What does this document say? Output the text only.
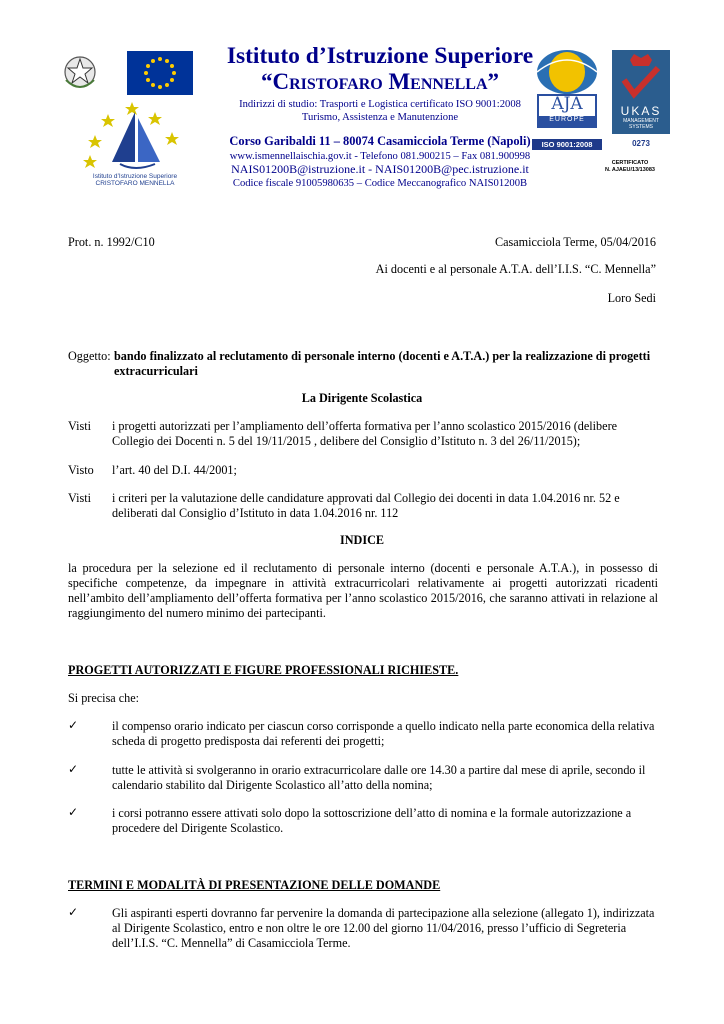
Istituto d’Istruzione Superiore
CRISTOFARO MENNELLA
Istituto d’Istruzione Superiore
“Cristofaro Mennella”
Indirizzi di studio: Trasporti e Logistica certificato ISO 9001:2008
Turismo, Assistenza e Manutenzione
Corso Garibaldi 11 – 80074 Casamicciola Terme (Napoli)
www.ismennellaischia.gov.it - Telefono 081.900215 – Fax 081.900998
NAIS01200B@istruzione.it - NAIS01200B@pec.istruzione.it
Codice fiscale 91005980635 – Codice Meccanografico NAIS01200B
AJA
EUROPE
ISO 9001:2008
UKAS
MANAGEMENT SYSTEMS
0273
CERTIFICATO
N. AJAEU/13/13083
Prot. n. 1992/C10	Casamicciola Terme, 05/04/2016
Ai docenti e al personale A.T.A. dell’I.I.S. “C. Mennella”
Loro Sedi
Oggetto: bando finalizzato al reclutamento di personale interno (docenti e A.T.A.) per la realizzazione di progetti
extracurriculari
La Dirigente Scolastica
Visti i progetti autorizzati per l’ampliamento dell’offerta formativa per l’anno scolastico 2015/2016 (delibere
Collegio dei Docenti n. 5 del 19/11/2015 , delibere del Consiglio d’Istituto n. 3 del 26/11/2015);
Visto l’art. 40 del D.I. 44/2001;
Visti i criteri per la valutazione delle candidature approvati dal Collegio dei docenti in data 1.04.2016 nr. 52 e
deliberati dal Consiglio d’Istituto in data 1.04.2016 nr. 112
INDICE
la procedura per la selezione ed il reclutamento di personale interno (docenti e personale A.T.A.), in possesso di
specifiche competenze, da impegnare in attività extracurricolari relativamente ai progetti autorizzati ricadenti
nell’ambito dell’ampliamento dell’offerta formativa per l’anno scolastico 2015/2016, che saranno attivati in relazione al
raggiungimento del numero minimo dei partecipanti.
PROGETTI AUTORIZZATI E FIGURE PROFESSIONALI RICHIESTE.
Si precisa che:
✓	il compenso orario indicato per ciascun corso corrisponde a quello indicato nella parte economica della relativa
scheda di progetto predisposta dai referenti dei progetti;
✓	tutte le attività si svolgeranno in orario extracurricolare dalle ore 14.30 a partire dal mese di aprile, secondo il
calendario stabilito dal Dirigente Scolastico all’atto della nomina;
✓	i corsi potranno essere attivati solo dopo la sottoscrizione dell’atto di nomina e la formale autorizzazione a
procedere del Dirigente Scolastico.
TERMINI E MODALITÀ DI PRESENTAZIONE DELLE DOMANDE
✓	Gli aspiranti esperti dovranno far pervenire la domanda di partecipazione alla selezione (allegato 1), indirizzata
al Dirigente Scolastico, entro e non oltre le ore 12.00 del giorno 11/04/2016, presso l’ufficio di Segreteria
dell’I.I.S. “C. Mennella” di Casamicciola Terme.
